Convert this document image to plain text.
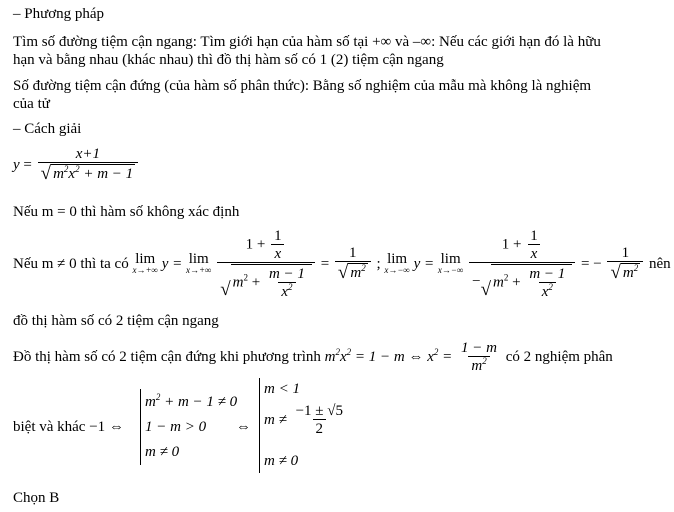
– Phương pháp
Tìm số đường tiệm cận ngang: Tìm giới hạn của hàm số tại +∞ và –∞: Nếu các giới hạn đó là hữu
hạn và bằng nhau (khác nhau) thì đồ thị hàm số có 1 (2) tiệm cận ngang
Số đường tiệm cận đứng (của hàm số phân thức): Bằng số nghiệm của mẫu mà không là nghiệm
của tử
– Cách giải
$y = \frac{x+1}{√ m^2x^2 + m - 1}$
Nếu m = 0 thì hàm số không xác định
Nếu m ≠ 0 thì ta có lim
x→+∞ y = lim
x→+∞
$\frac{1 + \frac{1}{x}}{√ m^2 + \frac{m - 1}{x^2}} = \frac{1}{√ m^2}$ ; lim
x→−∞ y = lim
x→−∞
$\frac{1 + \frac{1}{x}}{- √ m^2 + \frac{m - 1}{x^2}}$ = − $\frac{1}{√ m^2}$ nên
đồ thị hàm số có 2 tiệm cận ngang
Đồ thị hàm số có 2 tiệm cận đứng khi phương trình $m^2x^2 = 1 - m$ ⇔ $x^2 = \frac{1 - m}{m^2}$ có 2 nghiệm phân
biệt và khác −1 ⇔
$m^2 + m - 1 \ne 0$
1 − m > 0
m ≠ 0
⇔
m < 1
$m \ne \frac{-1 \pm √5}{2}$
m ≠ 0
Chọn B
